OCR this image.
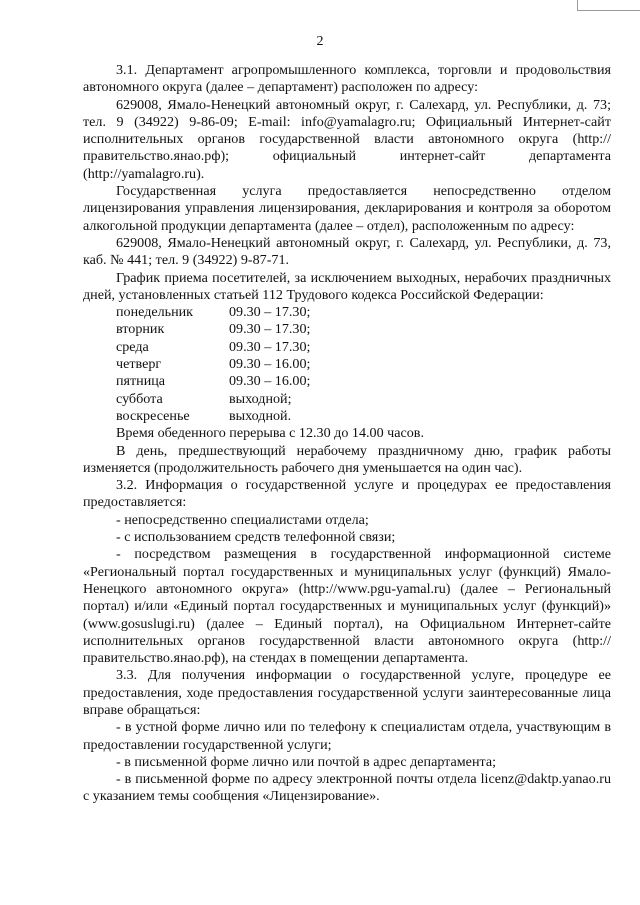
2

3.1. Департамент агропромышленного комплекса, торговли и продовольствия автономного округа (далее – департамент) расположен по адресу:

629008, Ямало-Ненецкий автономный округ, г. Салехард, ул. Республики, д. 73; тел. 9 (34922) 9-86-09; E-mail: info@yamalagro.ru; Официальный Интернет-сайт исполнительных органов государственной власти автономного округа (http://правительство.янао.рф); официальный интернет-сайт департамента (http://yamalagro.ru).

Государственная услуга предоставляется непосредственно отделом лицензирования управления лицензирования, декларирования и контроля за оборотом алкогольной продукции департамента (далее – отдел), расположенным по адресу:

629008, Ямало-Ненецкий автономный округ, г. Салехард, ул. Республики, д. 73, каб. № 441; тел. 9 (34922) 9-87-71.

График приема посетителей, за исключением выходных, нерабочих праздничных дней, установленных статьей 112 Трудового кодекса Российской Федерации:

понедельник	09.30 – 17.30;
вторник	09.30 – 17.30;
среда	09.30 – 17.30;
четверг	09.30 – 16.00;
пятница	09.30 – 16.00;
суббота	выходной;
воскресенье	выходной.

Время обеденного перерыва с 12.30 до 14.00 часов.

В день, предшествующий нерабочему праздничному дню, график работы изменяется (продолжительность рабочего дня уменьшается на один час).

3.2. Информация о государственной услуге и процедурах ее предоставления предоставляется:

- непосредственно специалистами отдела;

- с использованием средств телефонной связи;

- посредством размещения в государственной информационной системе «Региональный портал государственных и муниципальных услуг (функций) Ямало-Ненецкого автономного округа» (http://www.pgu-yamal.ru) (далее – Региональный портал) и/или «Единый портал государственных и муниципальных услуг (функций)» (www.gosuslugi.ru) (далее – Единый портал), на Официальном Интернет-сайте исполнительных органов государственной власти автономного округа (http://правительство.янао.рф), на стендах в помещении департамента.

3.3. Для получения информации о государственной услуге, процедуре ее предоставления, ходе предоставления государственной услуги заинтересованные лица вправе обращаться:

- в устной форме лично или по телефону к специалистам отдела, участвующим в предоставлении государственной услуги;

- в письменной форме лично или почтой в адрес департамента;

- в письменной форме по адресу электронной почты отдела licenz@daktp.yanao.ru с указанием темы сообщения «Лицензирование».
